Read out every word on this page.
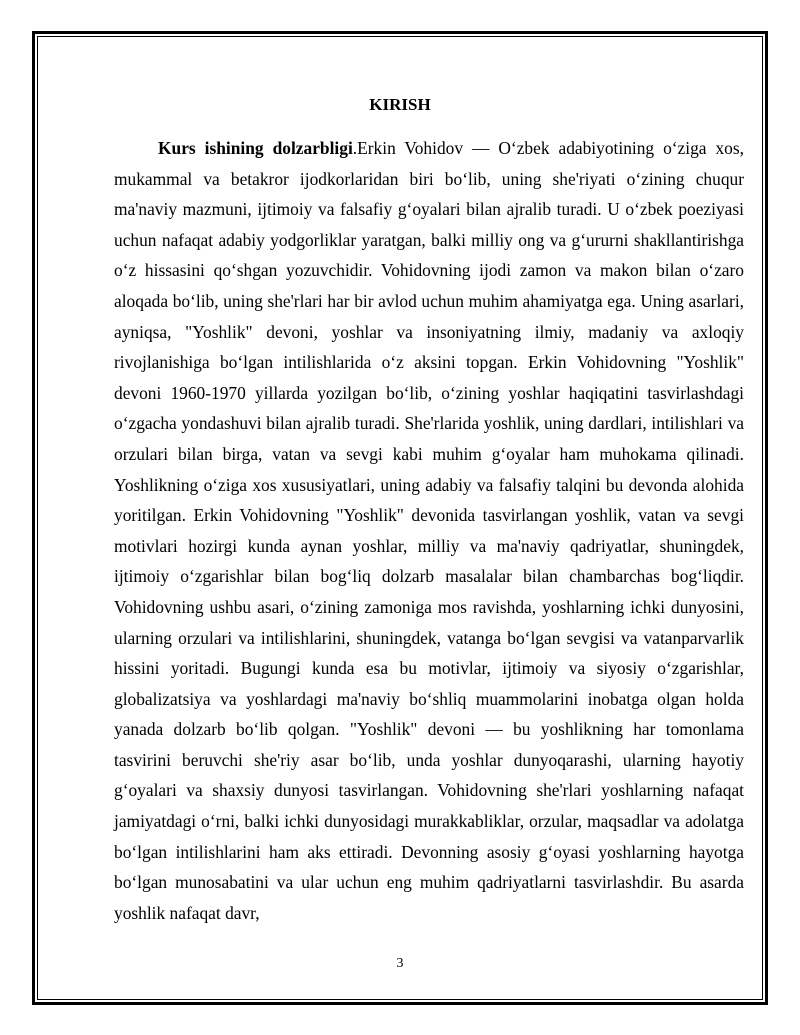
KIRISH

Kurs ishining dolzarbligi.Erkin Vohidov — O‘zbek adabiyotining o‘ziga xos, mukammal va betakror ijodkorlaridan biri bo‘lib, uning she'riyati o‘zining chuqur ma'naviy mazmuni, ijtimoiy va falsafiy g‘oyalari bilan ajralib turadi. U o‘zbek poeziyasi uchun nafaqat adabiy yodgorliklar yaratgan, balki milliy ong va g‘ururni shakllantirishga o‘z hissasini qo‘shgan yozuvchidir. Vohidovning ijodi zamon va makon bilan o‘zaro aloqada bo‘lib, uning she'rlari har bir avlod uchun muhim ahamiyatga ega. Uning asarlari, ayniqsa, "Yoshlik" devoni, yoshlar va insoniyatning ilmiy, madaniy va axloqiy rivojlanishiga bo‘lgan intilishlarida o‘z aksini topgan. Erkin Vohidovning "Yoshlik" devoni 1960-1970 yillarda yozilgan bo‘lib, o‘zining yoshlar haqiqatini tasvirlashdagi o‘zgacha yondashuvi bilan ajralib turadi. She'rlarida yoshlik, uning dardlari, intilishlari va orzulari bilan birga, vatan va sevgi kabi muhim g‘oyalar ham muhokama qilinadi. Yoshlikning o‘ziga xos xususiyatlari, uning adabiy va falsafiy talqini bu devonda alohida yoritilgan. Erkin Vohidovning "Yoshlik" devonida tasvirlangan yoshlik, vatan va sevgi motivlari hozirgi kunda aynan yoshlar, milliy va ma'naviy qadriyatlar, shuningdek, ijtimoiy o‘zgarishlar bilan bog‘liq dolzarb masalalar bilan chambarchas bog‘liqdir. Vohidovning ushbu asari, o‘zining zamoniga mos ravishda, yoshlarning ichki dunyosini, ularning orzulari va intilishlarini, shuningdek, vatanga bo‘lgan sevgisi va vatanparvarlik hissini yoritadi. Bugungi kunda esa bu motivlar, ijtimoiy va siyosiy o‘zgarishlar, globalizatsiya va yoshlardagi ma'naviy bo‘shliq muammolarini inobatga olgan holda yanada dolzarb bo‘lib qolgan. "Yoshlik" devoni — bu yoshlikning har tomonlama tasvirini beruvchi she'riy asar bo‘lib, unda yoshlar dunyoqarashi, ularning hayotiy g‘oyalari va shaxsiy dunyosi tasvirlangan. Vohidovning she'rlari yoshlarning nafaqat jamiyatdagi o‘rni, balki ichki dunyosidagi murakkabliklar, orzular, maqsadlar va adolatga bo‘lgan intilishlarini ham aks ettiradi. Devonning asosiy g‘oyasi yoshlarning hayotga bo‘lgan munosabatini va ular uchun eng muhim qadriyatlarni tasvirlashdir. Bu asarda yoshlik nafaqat davr,

3
